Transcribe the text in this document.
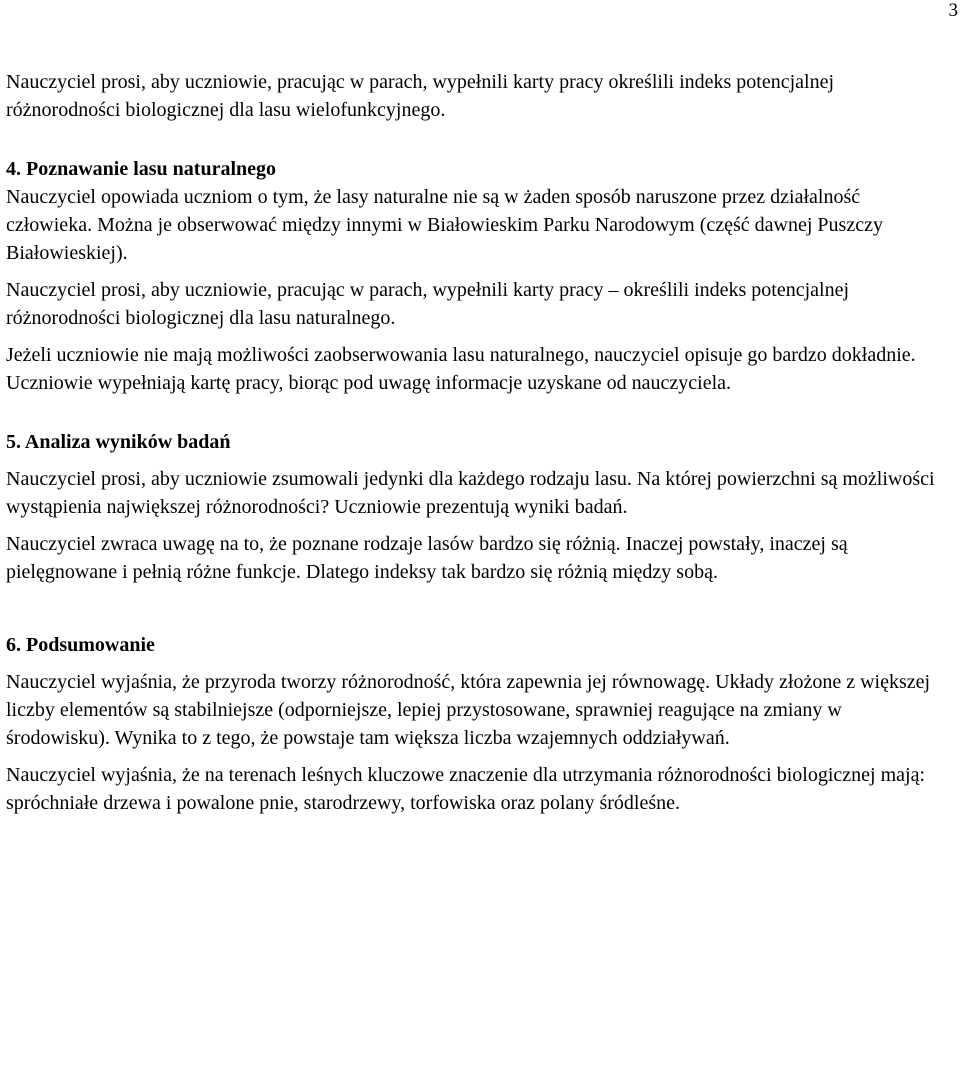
3

Nauczyciel prosi, aby uczniowie, pracując w parach, wypełnili karty pracy określili indeks potencjalnej różnorodności biologicznej dla lasu wielofunkcyjnego.

4. Poznawanie lasu naturalnego

Nauczyciel opowiada uczniom o tym, że lasy naturalne nie są w żaden sposób naruszone przez działalność człowieka. Można je obserwować między innymi w Białowieskim Parku Narodowym (część dawnej Puszczy Białowieskiej).

Nauczyciel prosi, aby uczniowie, pracując w parach, wypełnili karty pracy – określili indeks potencjalnej różnorodności biologicznej dla lasu naturalnego.

Jeżeli uczniowie nie mają możliwości zaobserwowania lasu naturalnego, nauczyciel opisuje go bardzo dokładnie. Uczniowie wypełniają kartę pracy, biorąc pod uwagę informacje uzyskane od nauczyciela.

5. Analiza wyników badań

Nauczyciel prosi, aby uczniowie zsumowali jedynki dla każdego rodzaju lasu. Na której powierzchni są możliwości wystąpienia największej różnorodności? Uczniowie prezentują wyniki badań.

Nauczyciel zwraca uwagę na to, że poznane rodzaje lasów bardzo się różnią. Inaczej powstały, inaczej są pielęgnowane i pełnią różne funkcje. Dlatego indeksy tak bardzo się różnią między sobą.

6. Podsumowanie

Nauczyciel wyjaśnia, że przyroda tworzy różnorodność, która zapewnia jej równowagę. Układy złożone z większej liczby elementów są stabilniejsze (odporniejsze, lepiej przystosowane, sprawniej reagujące na zmiany w środowisku). Wynika to z tego, że powstaje tam większa liczba wzajemnych oddziaływań.

Nauczyciel wyjaśnia, że na terenach leśnych kluczowe znaczenie dla utrzymania różnorodności biologicznej mają: spróchniałe drzewa i powalone pnie, starodrzewy, torfowiska oraz polany śródleśne.
